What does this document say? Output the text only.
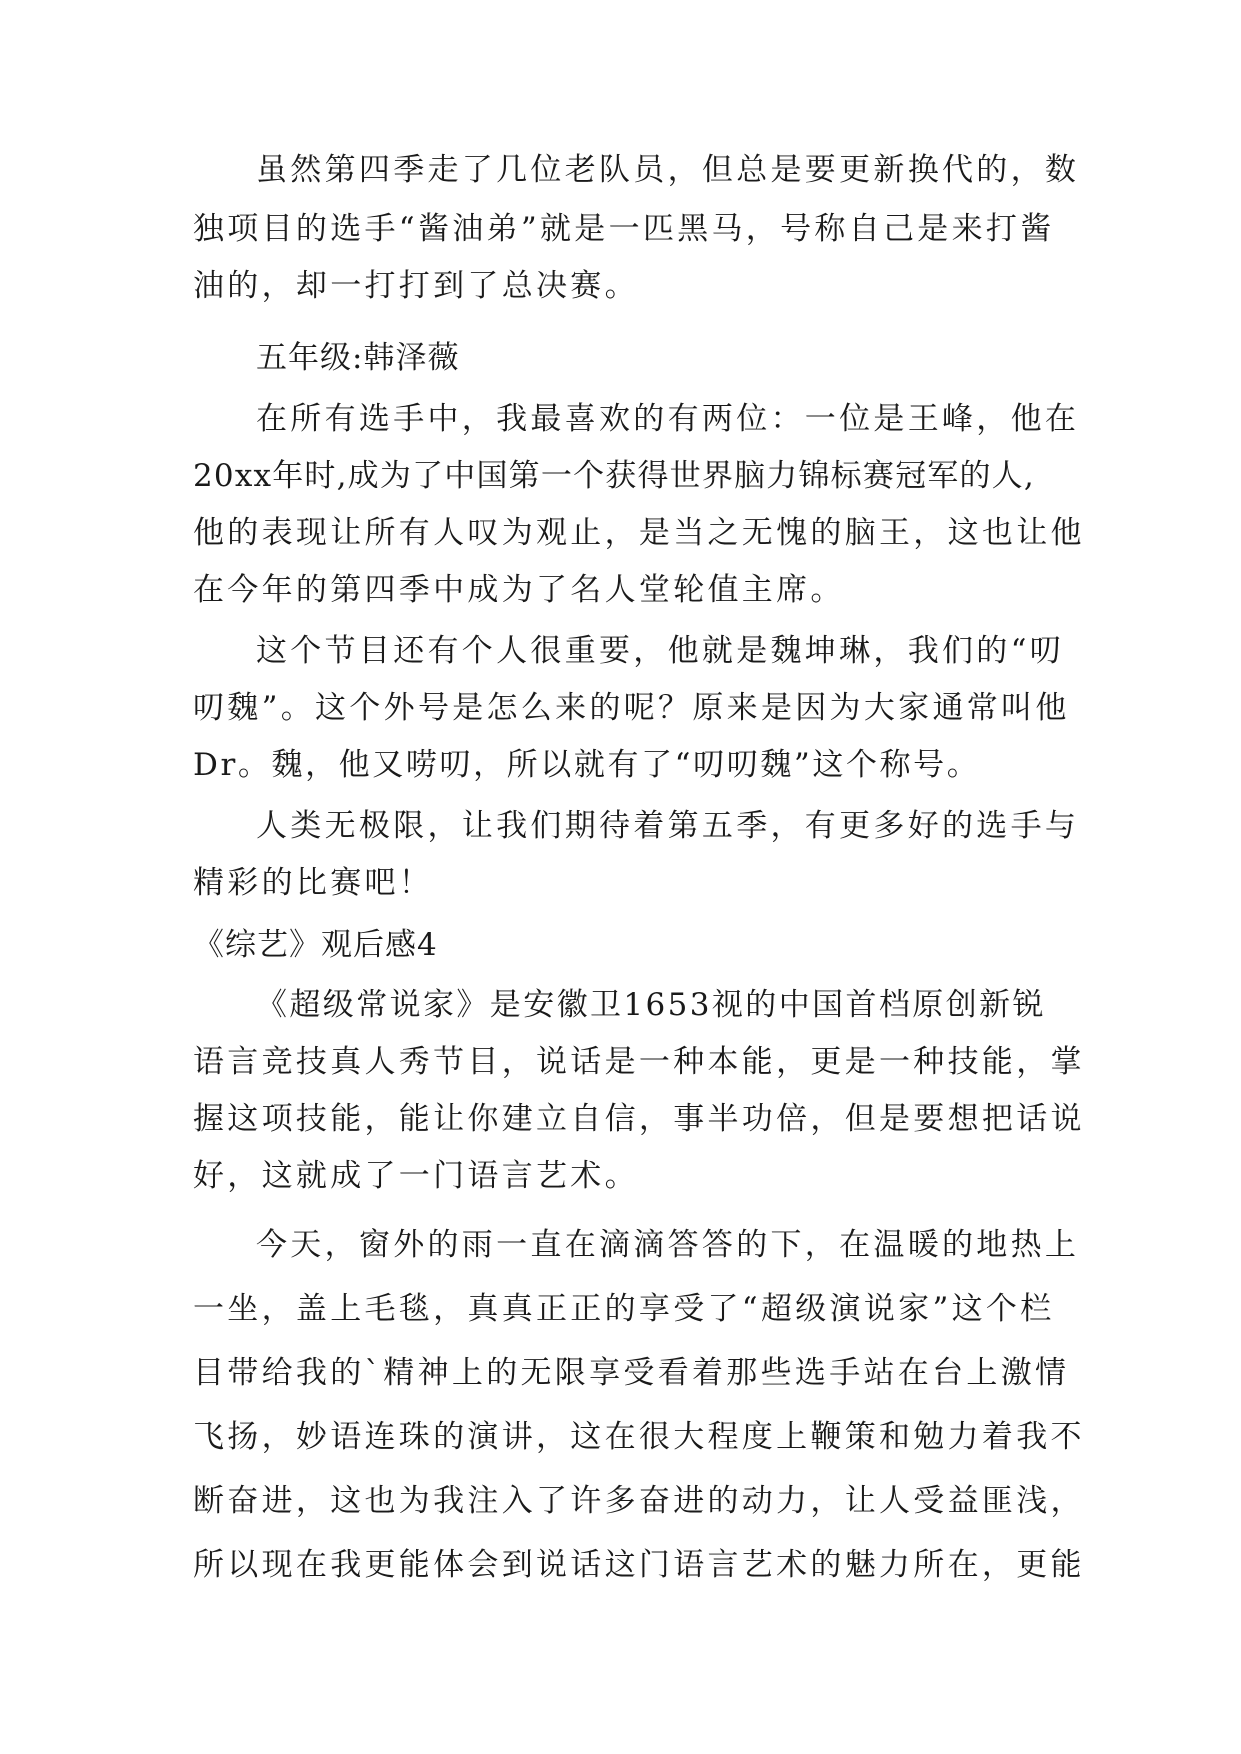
虽然第四季走了几位老队员，但总是要更新换代的，数
独项目的选手“酱油弟”就是一匹黑马，号称自己是来打酱
油的，却一打打到了总决赛。
五年级:韩泽薇
在所有选手中，我最喜欢的有两位：一位是王峰，他在
20xx年时,成为了中国第一个获得世界脑力锦标赛冠军的人,
他的表现让所有人叹为观止，是当之无愧的脑王，这也让他
在今年的第四季中成为了名人堂轮值主席。
这个节目还有个人很重要，他就是魏坤琳，我们的“叨
叨魏”。这个外号是怎么来的呢？原来是因为大家通常叫他
Dr。魏，他又唠叨，所以就有了“叨叨魏”这个称号。
人类无极限，让我们期待着第五季，有更多好的选手与
精彩的比赛吧！
《综艺》观后感4
《超级常说家》是安徽卫1653视的中国首档原创新锐
语言竞技真人秀节目，说话是一种本能，更是一种技能，掌
握这项技能，能让你建立自信，事半功倍，但是要想把话说
好，这就成了一门语言艺术。
今天，窗外的雨一直在滴滴答答的下，在温暖的地热上
一坐，盖上毛毯，真真正正的享受了“超级演说家”这个栏
目带给我的`精神上的无限享受看着那些选手站在台上激情
飞扬，妙语连珠的演讲，这在很大程度上鞭策和勉力着我不
断奋进，这也为我注入了许多奋进的动力，让人受益匪浅，
所以现在我更能体会到说话这门语言艺术的魅力所在，更能
